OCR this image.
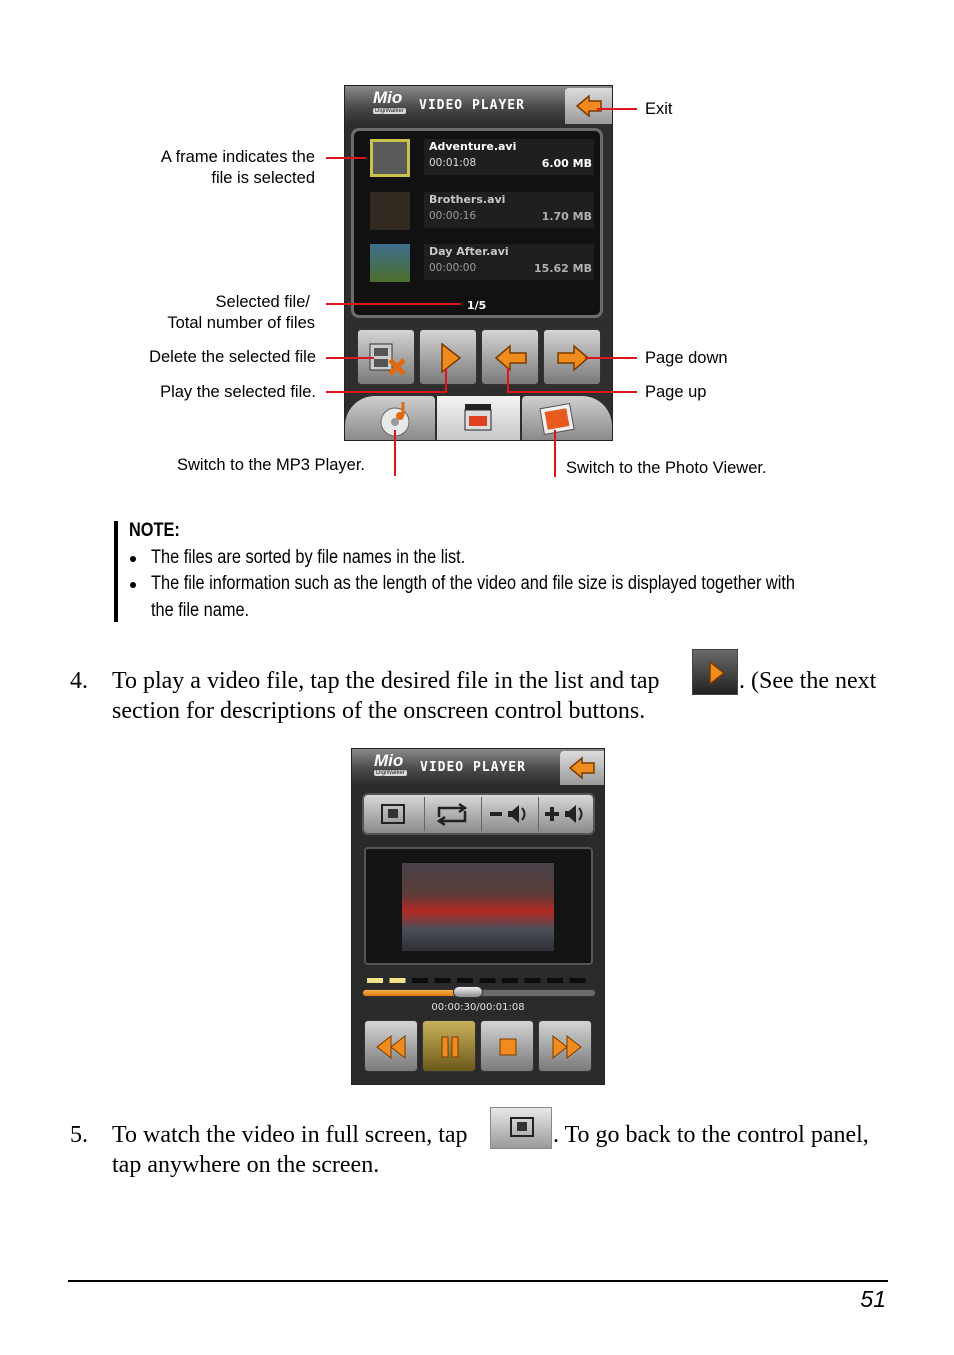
Mio
DigiWalker VIDEO PLAYER
Adventure.avi
00:01:08	6.00 MB
Brothers.avi
00:00:16	1.70 MB
Day After.avi
00:00:00	15.62 MB
1/5
Exit
A frame indicates the
file is selected
Selected file/
Total number of files
Delete the selected file
Play the selected file.
Page down
Page up
Switch to the MP3 Player.	Switch to the Photo Viewer.
NOTE:
The files are sorted by file names in the list.
The file information such as the length of the video and file size is displayed together with
the file name.
4. To play a video file, tap the desired file in the list and tap	. (See the next
section for descriptions of the onscreen control buttons.
Mio
DigiWalker VIDEO PLAYER
00:00:30/00:01:08
5. To watch the video in full screen, tap	. To go back to the control panel,
tap anywhere on the screen.
51
